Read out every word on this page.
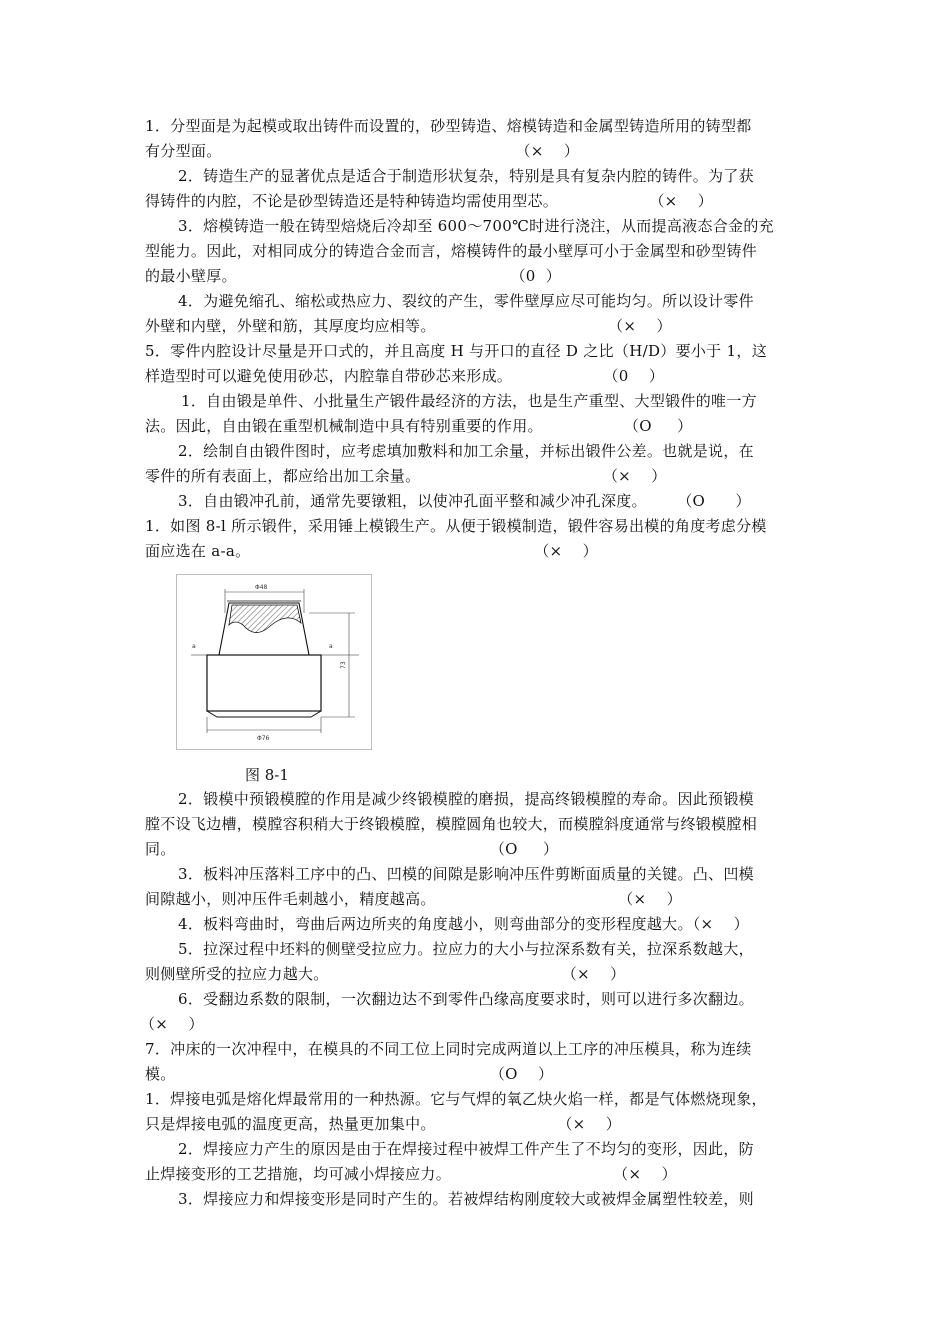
1．分型面是为起模或取出铸件而设置的，砂型铸造、熔模铸造和金属型铸造所用的铸型都
有分型面。                                                          （×    ）
2．铸造生产的显著优点是适合于制造形状复杂，特别是具有复杂内腔的铸件。为了获
得铸件的内腔，不论是砂型铸造还是特种铸造均需使用型芯。                  （×    ）
3．熔模铸造一般在铸型焙烧后冷却至 600～700℃时进行浇注，从而提高液态合金的充
型能力。因此，对相同成分的铸造合金而言，熔模铸件的最小壁厚可小于金属型和砂型铸件
的最小壁厚。                                                      （0  ）
4．为避免缩孔、缩松或热应力、裂纹的产生，零件壁厚应尽可能均匀。所以设计零件
外壁和内壁，外壁和筋，其厚度均应相等。                                  （×    ）
5．零件内腔设计尽量是开口式的，并且高度 H 与开口的直径 D 之比（H/D）要小于 1，这
样造型时可以避免使用砂芯，内腔靠自带砂芯来形成。                  （0    ）
1．自由锻是单件、小批量生产锻件最经济的方法，也是生产重型、大型锻件的唯一方
法。因此，自由锻在重型机械制造中具有特别重要的作用。                （O     ）
2．绘制自由锻件图时，应考虑填加敷料和加工余量，并标出锻件公差。也就是说，在
零件的所有表面上，都应给出加工余量。                                    （×    ）
3．自由锻冲孔前，通常先要镦粗，以使冲孔面平整和减少冲孔深度。      （O      ）
1．如图 8-l 所示锻件，采用锤上模锻生产。从便于锻模制造，锻件容易出模的角度考虑分模
面应选在 a-a。                                                        （×    ）
2．锻模中预锻模膛的作用是减少终锻模膛的磨损，提高终锻模膛的寿命。因此预锻模
膛不设飞边槽，模膛容积稍大于终锻模膛，模膛圆角也较大，而模膛斜度通常与终锻模膛相
同。                                                              （O     ）
3．板料冲压落料工序中的凸、凹模的间隙是影响冲压件剪断面质量的关键。凸、凹模
间隙越小，则冲压件毛刺越小，精度越高。                                    （×    ）
4．板料弯曲时，弯曲后两边所夹的角度越小，则弯曲部分的变形程度越大。（×    ）
5．拉深过程中坯料的侧壁受拉应力。拉应力的大小与拉深系数有关，拉深系数越大，
则侧壁所受的拉应力越大。                                              （×    ）
6．受翻边系数的限制，一次翻边达不到零件凸缘高度要求时，则可以进行多次翻边。
（×    ）
7．冲床的一次冲程中，在模具的不同工位上同时完成两道以上工序的冲压模具，称为连续
模。                                                              （O    ）
1．焊接电弧是熔化焊最常用的一种热源。它与气焊的氧乙炔火焰一样，都是气体燃烧现象，
只是焊接电弧的温度更高，热量更加集中。                        （×    ）
2．焊接应力产生的原因是由于在焊接过程中被焊工件产生了不均匀的变形，因此，防
止焊接变形的工艺措施，均可减小焊接应力。                                （×    ）
3．焊接应力和焊接变形是同时产生的。若被焊结构刚度较大或被焊金属塑性较差，则
Φ48
a	a
73
Φ76
图 8-1
